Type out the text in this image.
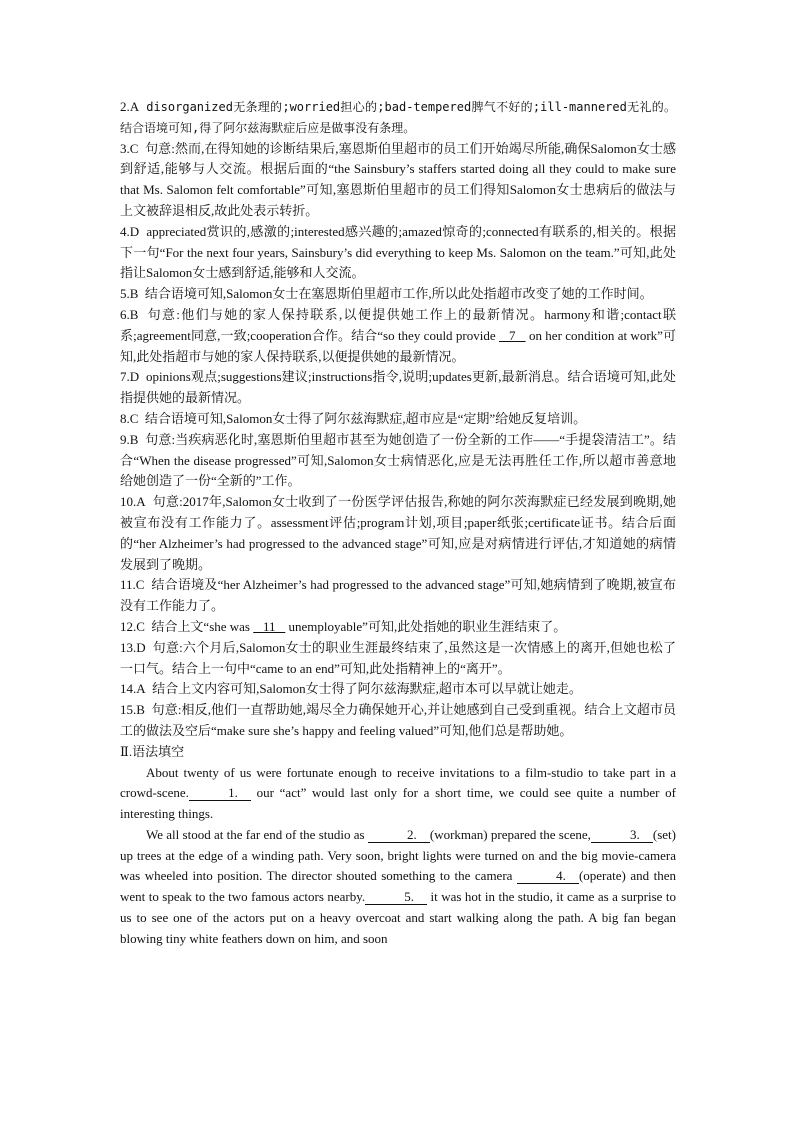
2.A disorganized无条理的;worried担心的;bad-tempered脾气不好的;ill-mannered无礼的。结合语境可知,得了阿尔兹海默症后应是做事没有条理。

3.C 句意:然而,在得知她的诊断结果后,塞恩斯伯里超市的员工们开始竭尽所能,确保Salomon女士感到舒适,能够与人交流。根据后面的“the Sainsbury’s staffers started doing all they could to make sure that Ms. Salomon felt comfortable”可知,塞恩斯伯里超市的员工们得知Salomon女士患病后的做法与上文被辞退相反,故此处表示转折。

4.D appreciated赏识的,感激的;interested感兴趣的;amazed惊奇的;connected有联系的,相关的。根据下一句“For the next four years, Sainsbury’s did everything to keep Ms. Salomon on the team.”可知,此处指让Salomon女士感到舒适,能够和人交流。

5.B 结合语境可知,Salomon女士在塞恩斯伯里超市工作,所以此处指超市改变了她的工作时间。

6.B 句意:他们与她的家人保持联系,以便提供她工作上的最新情况。harmony和谐;contact联系;agreement同意,一致;cooperation合作。结合“so they could provide    7    on her condition at work”可知,此处指超市与她的家人保持联系,以便提供她的最新情况。

7.D opinions观点;suggestions建议;instructions指令,说明;updates更新,最新消息。结合语境可知,此处指提供她的最新情况。

8.C 结合语境可知,Salomon女士得了阿尔兹海默症,超市应是“定期”给她反复培训。

9.B 句意:当疾病恶化时,塞恩斯伯里超市甚至为她创造了一份全新的工作——“手提袋清洁工”。结合“When the disease progressed”可知,Salomon女士病情恶化,应是无法再胜任工作,所以超市善意地给她创造了一份“全新的”工作。

10.A 句意:2017年,Salomon女士收到了一份医学评估报告,称她的阿尔茨海默症已经发展到晚期,她被宣布没有工作能力了。assessment评估;program计划,项目;paper纸张;certificate证书。结合后面的“her Alzheimer’s had progressed to the advanced stage”可知,应是对病情进行评估,才知道她的病情发展到了晚期。

11.C 结合语境及“her Alzheimer’s had progressed to the advanced stage”可知,她病情到了晚期,被宣布没有工作能力了。

12.C 结合上文“she was    11    unemployable”可知,此处指她的职业生涯结束了。

13.D 句意:六个月后,Salomon女士的职业生涯最终结束了,虽然这是一次情感上的离开,但她也松了一口气。结合上一句中“came to an end”可知,此处指精神上的“离开”。

14.A 结合上文内容可知,Salomon女士得了阿尔兹海默症,超市本可以早就让她走。

15.B 句意:相反,他们一直帮助她,竭尽全力确保她开心,并让她感到自己受到重视。结合上文超市员工的做法及空后“make sure she’s happy and feeling valued”可知,他们总是帮助她。

Ⅱ.语法填空

About twenty of us were fortunate enough to receive invitations to a film-studio to take part in a crowd-scene.	1. our “act” would last only for a short time, we could see quite a number of interesting things.

We all stood at the far end of the studio as	2. (workman) prepared the scene,	3. (set) up trees at the edge of a winding path. Very soon, bright lights were turned on and the big movie-camera was wheeled into position. The director shouted something to the camera	4. (operate) and then went to speak to the two famous actors nearby.	5. it was hot in the studio, it came as a surprise to us to see one of the actors put on a heavy overcoat and start walking along the path. A big fan began blowing tiny white feathers down on him, and soon
